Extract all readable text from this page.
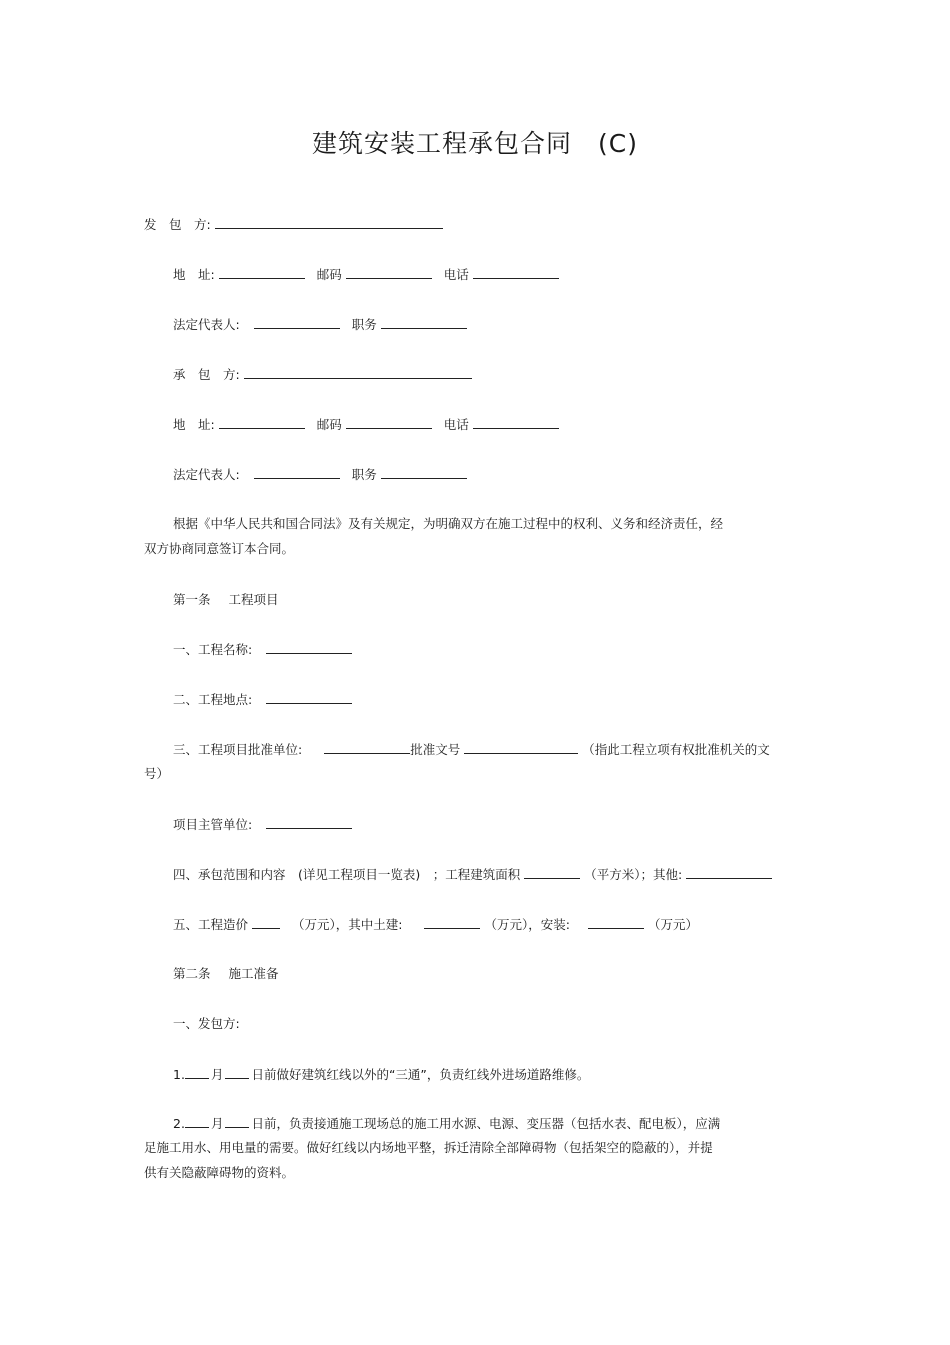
建筑安装工程承包合同　(C)
发　包　方:
地　址:	邮码	电话
法定代表人:	职务
承　包　方:
地　址:	邮码	电话
法定代表人:	职务
根据《中华人民共和国合同法》及有关规定，为明确双方在施工过程中的权利、义务和经济责任，经
双方协商同意签订本合同。
第一条 工程项目
一、工程名称:
二、工程地点:
三、工程项目批准单位:	批准文号	（指此工程立项有权批准机关的文
号）
项目主管单位:
四、承包范围和内容　(详见工程项目一览表)　；工程建筑面积	（平方米）；其他:
五、工程造价	（万元），其中土建:	（万元），安装:	（万元）
第二条 施工准备
一、发包方:
1. 月 日前做好建筑红线以外的“三通”，负责红线外进场道路维修。
2. 月 日前，负责接通施工现场总的施工用水源、电源、变压器（包括水表、配电板），应满
足施工用水、用电量的需要。做好红线以内场地平整，拆迁清除全部障碍物（包括架空的隐蔽的），并提
供有关隐蔽障碍物的资料。
